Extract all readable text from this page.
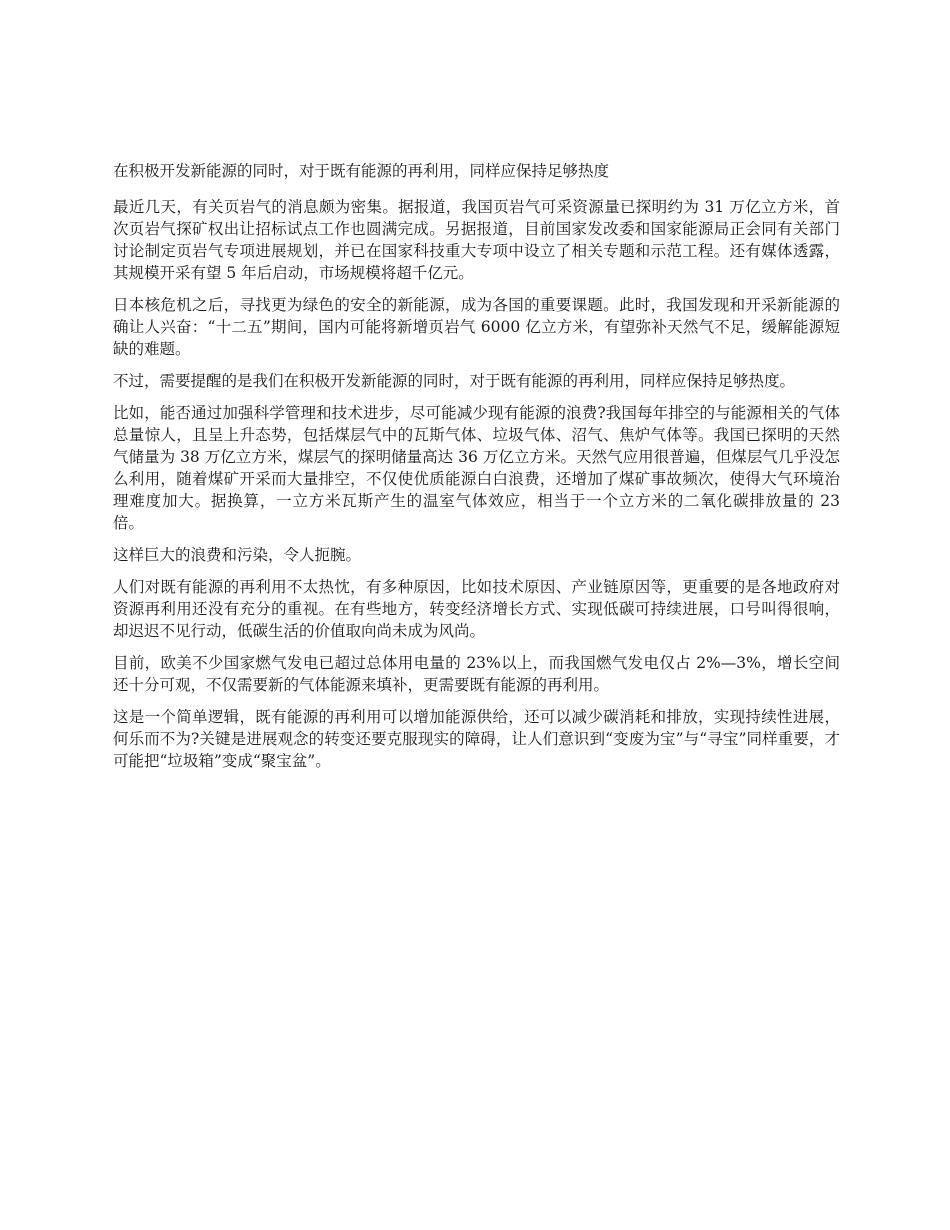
在积极开发新能源的同时，对于既有能源的再利用，同样应保持足够热度

最近几天，有关页岩气的消息颇为密集。据报道，我国页岩气可采资源量已探明约为 31 万亿立方米，首次页岩气探矿权出让招标试点工作也圆满完成。另据报道，目前国家发改委和国家能源局正会同有关部门讨论制定页岩气专项进展规划，并已在国家科技重大专项中设立了相关专题和示范工程。还有媒体透露，其规模开采有望 5 年后启动，市场规模将超千亿元。

日本核危机之后，寻找更为绿色的安全的新能源，成为各国的重要课题。此时，我国发现和开采新能源的确让人兴奋：“十二五”期间，国内可能将新增页岩气 6000 亿立方米，有望弥补天然气不足，缓解能源短缺的难题。

不过，需要提醒的是我们在积极开发新能源的同时，对于既有能源的再利用，同样应保持足够热度。

比如，能否通过加强科学管理和技术进步，尽可能减少现有能源的浪费?我国每年排空的与能源相关的气体总量惊人，且呈上升态势，包括煤层气中的瓦斯气体、垃圾气体、沼气、焦炉气体等。我国已探明的天然气储量为 38 万亿立方米，煤层气的探明储量高达 36 万亿立方米。天然气应用很普遍，但煤层气几乎没怎么利用，随着煤矿开采而大量排空，不仅使优质能源白白浪费，还增加了煤矿事故频次，使得大气环境治理难度加大。据换算，一立方米瓦斯产生的温室气体效应，相当于一个立方米的二氧化碳排放量的 23 倍。

这样巨大的浪费和污染，令人扼腕。

人们对既有能源的再利用不太热忱，有多种原因，比如技术原因、产业链原因等，更重要的是各地政府对资源再利用还没有充分的重视。在有些地方，转变经济增长方式、实现低碳可持续进展，口号叫得很响，却迟迟不见行动，低碳生活的价值取向尚未成为风尚。

目前，欧美不少国家燃气发电已超过总体用电量的 23%以上，而我国燃气发电仅占 2%—3%，增长空间还十分可观，不仅需要新的气体能源来填补，更需要既有能源的再利用。

这是一个简单逻辑，既有能源的再利用可以增加能源供给，还可以减少碳消耗和排放，实现持续性进展，何乐而不为?关键是进展观念的转变还要克服现实的障碍，让人们意识到“变废为宝”与“寻宝”同样重要，才可能把“垃圾箱”变成“聚宝盆”。
